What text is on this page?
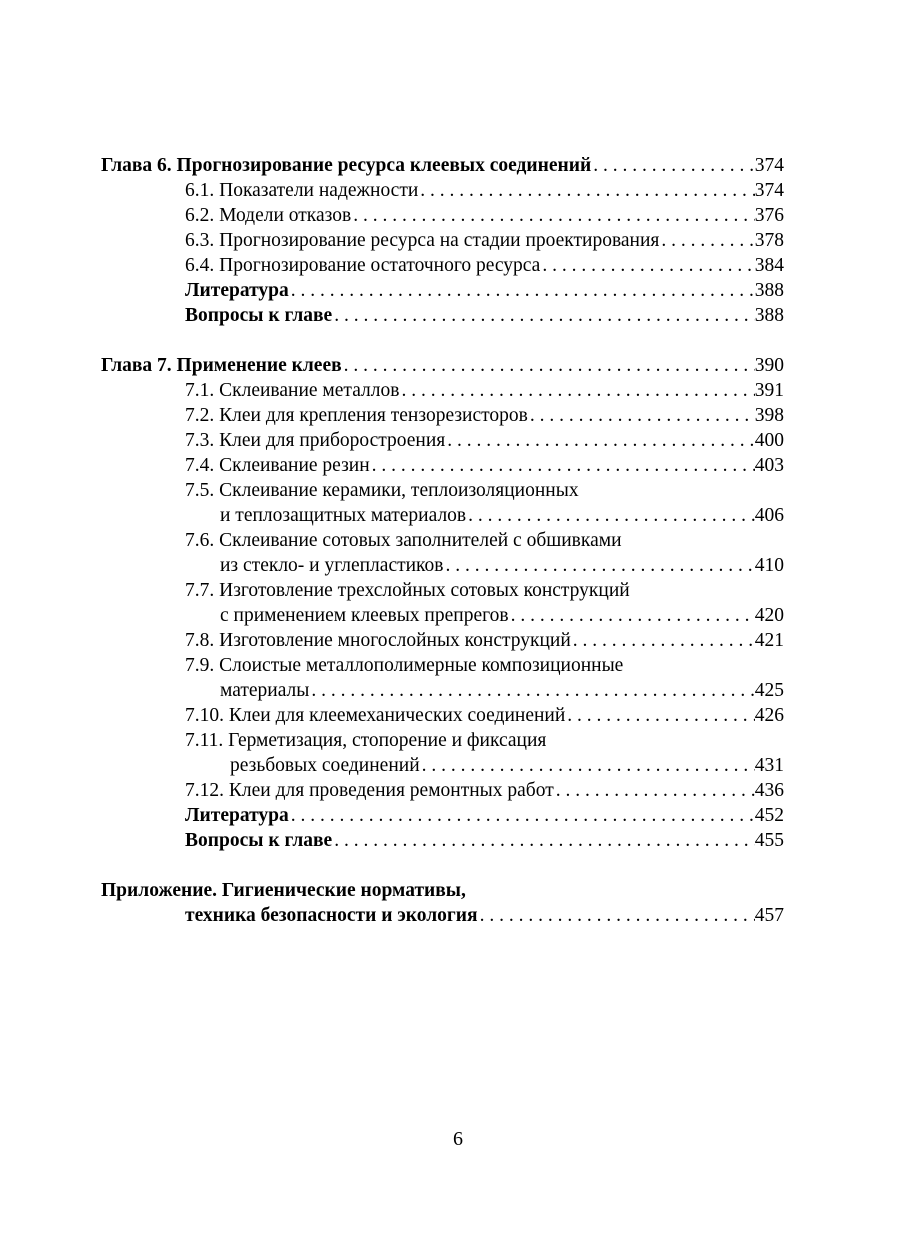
Глава 6. Прогнозирование ресурса клеевых соединений . . .	374
6.1. Показатели надежности . . .	374
6.2. Модели отказов . . .	376
6.3. Прогнозирование ресурса на стадии проектирования . . .	378
6.4. Прогнозирование остаточного ресурса . . .	384
Литература . . .	388
Вопросы к главе . . .	388
Глава 7. Применение клеев . . .	390
7.1. Склеивание металлов . . .	391
7.2. Клеи для крепления тензорезисторов . . .	398
7.3. Клеи для приборостроения . . .	400
7.4. Склеивание резин . . .	403
7.5. Склеивание керамики, теплоизоляционных
и теплозащитных материалов . . .	406
7.6. Склеивание сотовых заполнителей с обшивками
из стекло- и углепластиков . . .	410
7.7. Изготовление трехслойных сотовых конструкций
с применением клеевых препрегов . . .	420
7.8. Изготовление многослойных конструкций . . .	421
7.9. Слоистые металлополимерные композиционные
материалы . . .	425
7.10. Клеи для клеемеханических соединений . . .	426
7.11. Герметизация, стопорение и фиксация
резьбовых соединений . . .	431
7.12. Клеи для проведения ремонтных работ . . .	436
Литература . . .	452
Вопросы к главе . . .	455
Приложение. Гигиенические нормативы,
техника безопасности и экология . . .	457
6
